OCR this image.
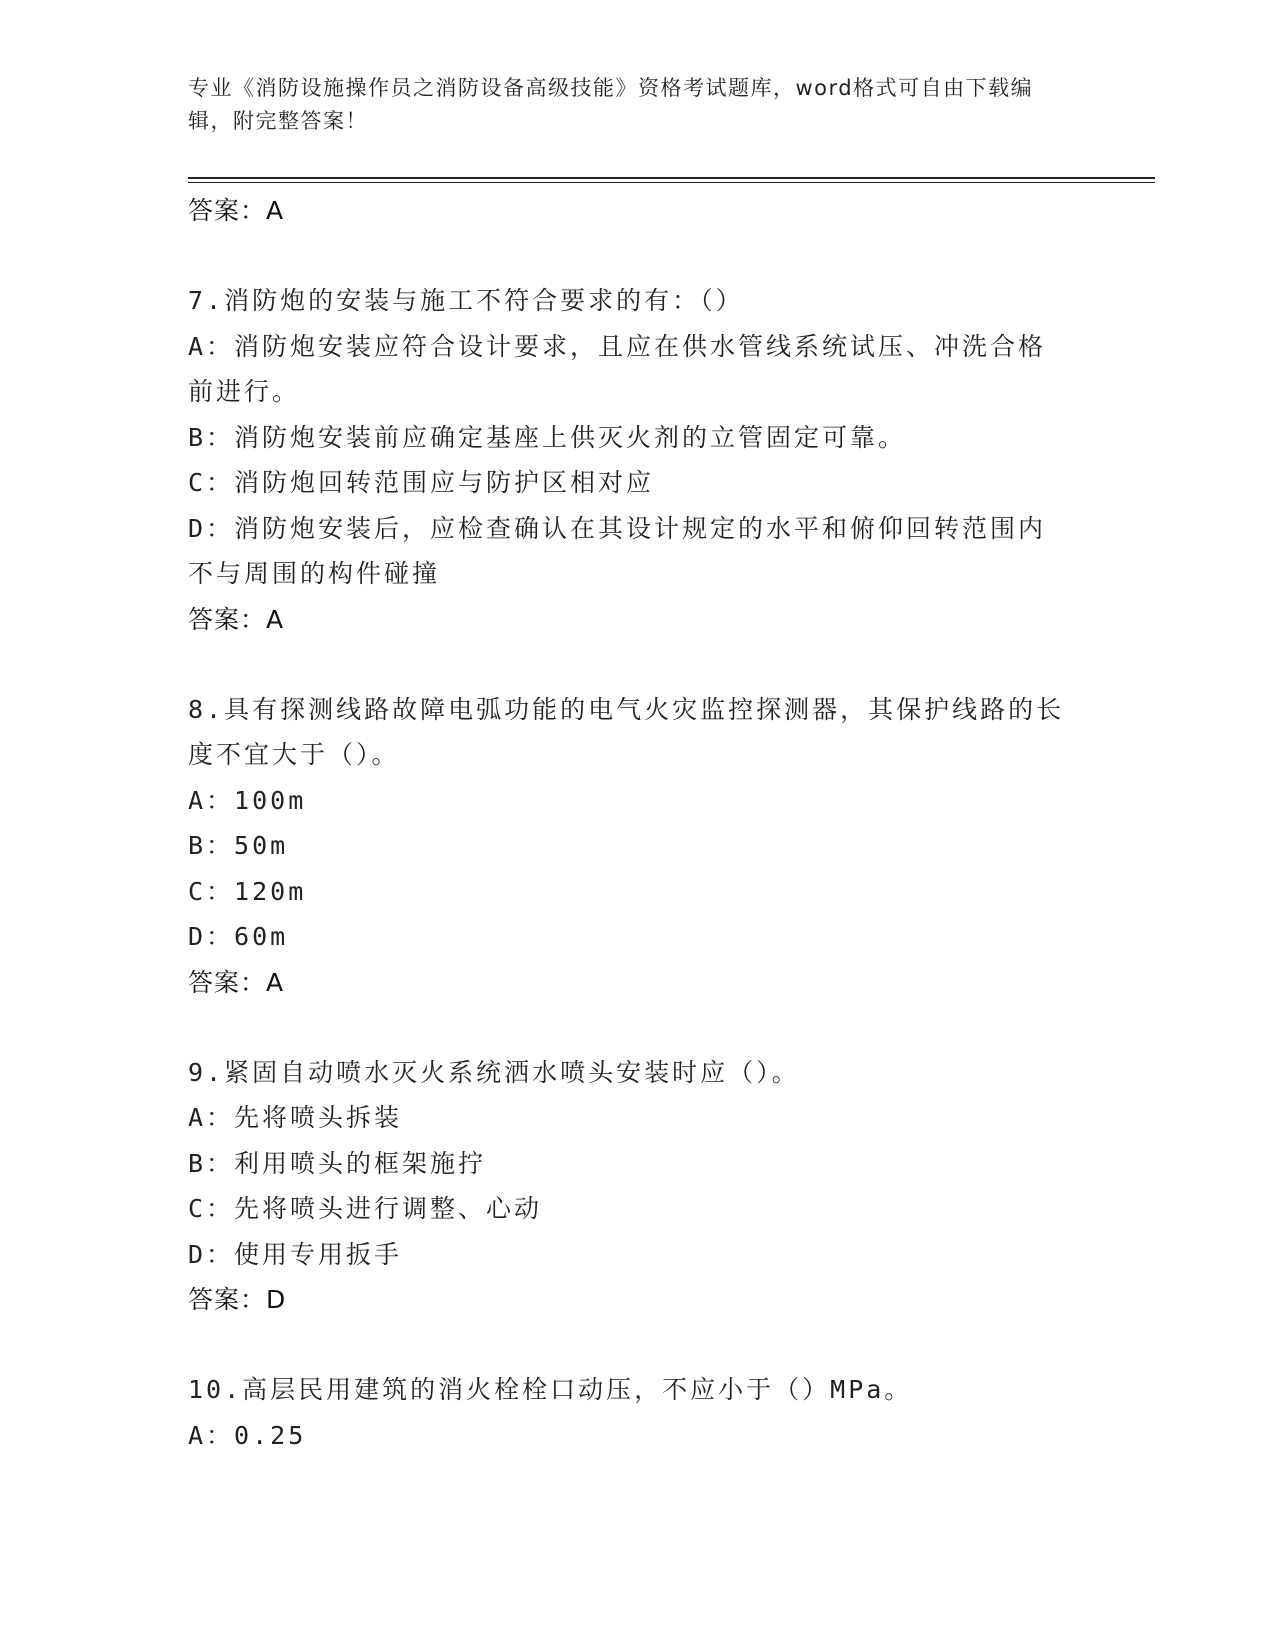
专业《消防设施操作员之消防设备高级技能》资格考试题库，word格式可自由下载编辑，附完整答案！
答案：A
7.消防炮的安装与施工不符合要求的有：（）
A：消防炮安装应符合设计要求，且应在供水管线系统试压、冲洗合格前进行。
B：消防炮安装前应确定基座上供灭火剂的立管固定可靠。
C：消防炮回转范围应与防护区相对应
D：消防炮安装后，应检查确认在其设计规定的水平和俯仰回转范围内不与周围的构件碰撞
答案：A
8.具有探测线路故障电弧功能的电气火灾监控探测器，其保护线路的长度不宜大于（）。
A：100m
B：50m
C：120m
D：60m
答案：A
9.紧固自动喷水灭火系统洒水喷头安装时应（）。
A：先将喷头拆装
B：利用喷头的框架施拧
C：先将喷头进行调整、心动
D：使用专用扳手
答案：D
10.高层民用建筑的消火栓栓口动压，不应小于（）MPa。
A：0.25
